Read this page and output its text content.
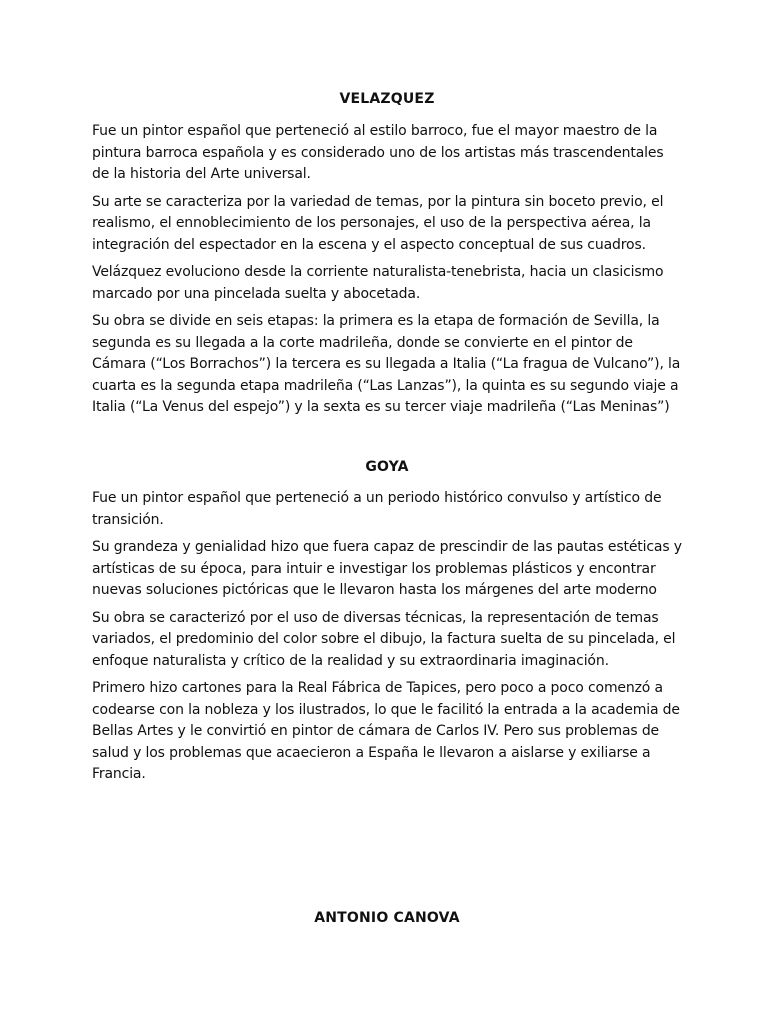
VELAZQUEZ

Fue un pintor español que perteneció al estilo barroco, fue el mayor maestro de la
pintura barroca española y es considerado uno de los artistas más trascendentales
de la historia del Arte universal.

Su arte se caracteriza por la variedad de temas, por la pintura sin boceto previo, el
realismo, el ennoblecimiento de los personajes, el uso de la perspectiva aérea, la
integración del espectador en la escena y el aspecto conceptual de sus cuadros.

Velázquez evoluciono desde la corriente naturalista-tenebrista, hacia un clasicismo
marcado por una pincelada suelta y abocetada.

Su obra se divide en seis etapas: la primera es la etapa de formación de Sevilla, la
segunda es su llegada a la corte madrileña, donde se convierte en el pintor de
Cámara (“Los Borrachos”) la tercera es su llegada a Italia (“La fragua de Vulcano”), la
cuarta es la segunda etapa madrileña (“Las Lanzas”), la quinta es su segundo viaje a
Italia (“La Venus del espejo”) y la sexta es su tercer viaje madrileña (“Las Meninas”)

GOYA

Fue un pintor español que perteneció a un periodo histórico convulso y artístico de
transición.

Su grandeza y genialidad hizo que fuera capaz de prescindir de las pautas estéticas y
artísticas de su época, para intuir e investigar los problemas plásticos y encontrar
nuevas soluciones pictóricas que le llevaron hasta los márgenes del arte moderno

Su obra se caracterizó por el uso de diversas técnicas, la representación de temas
variados, el predominio del color sobre el dibujo, la factura suelta de su pincelada, el
enfoque naturalista y crítico de la realidad y su extraordinaria imaginación.

Primero hizo cartones para la Real Fábrica de Tapices, pero poco a poco comenzó a
codearse con la nobleza y los ilustrados, lo que le facilitó la entrada a la academia de
Bellas Artes y le convirtió en pintor de cámara de Carlos IV. Pero sus problemas de
salud y los problemas que acaecieron a España le llevaron a aislarse y exiliarse a
Francia.

ANTONIO CANOVA
